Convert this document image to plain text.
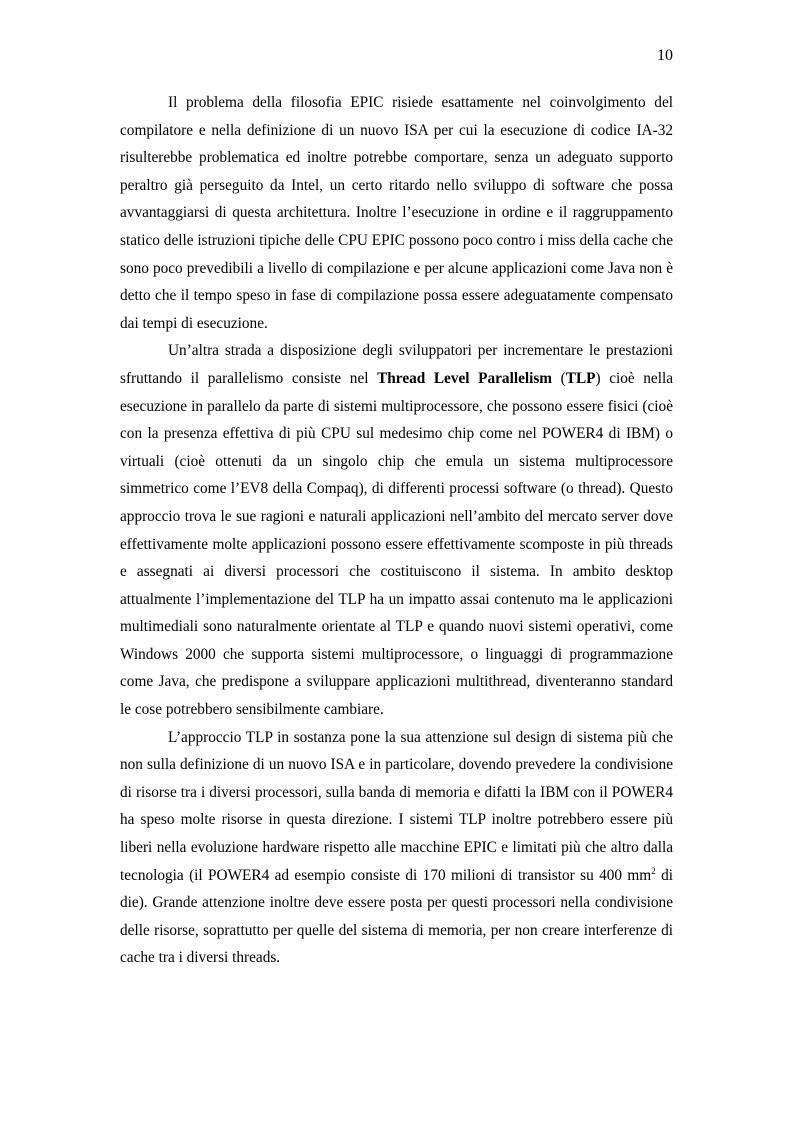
10

Il problema della filosofia EPIC risiede esattamente nel coinvolgimento del compilatore e nella definizione di un nuovo ISA per cui la esecuzione di codice IA-32 risulterebbe problematica ed inoltre potrebbe comportare, senza un adeguato supporto peraltro già perseguito da Intel, un certo ritardo nello sviluppo di software che possa avvantaggiarsi di questa architettura. Inoltre l’esecuzione in ordine e il raggruppamento statico delle istruzioni tipiche delle CPU EPIC possono poco contro i miss della cache che sono poco prevedibili a livello di compilazione e per alcune applicazioni come Java non è detto che il tempo speso in fase di compilazione possa essere adeguatamente compensato dai tempi di esecuzione.

Un’altra strada a disposizione degli sviluppatori per incrementare le prestazioni sfruttando il parallelismo consiste nel Thread Level Parallelism (TLP) cioè nella esecuzione in parallelo da parte di sistemi multiprocessore, che possono essere fisici (cioè con la presenza effettiva di più CPU sul medesimo chip come nel POWER4 di IBM) o virtuali (cioè ottenuti da un singolo chip che emula un sistema multiprocessore simmetrico come l’EV8 della Compaq), di differenti processi software (o thread). Questo approccio trova le sue ragioni e naturali applicazioni nell’ambito del mercato server dove effettivamente molte applicazioni possono essere effettivamente scomposte in più threads e assegnati ai diversi processori che costituiscono il sistema. In ambito desktop attualmente l’implementazione del TLP ha un impatto assai contenuto ma le applicazioni multimediali sono naturalmente orientate al TLP e quando nuovi sistemi operativi, come Windows 2000 che supporta sistemi multiprocessore, o linguaggi di programmazione come Java, che predispone a sviluppare applicazioni multithread, diventeranno standard le cose potrebbero sensibilmente cambiare.

L’approccio TLP in sostanza pone la sua attenzione sul design di sistema più che non sulla definizione di un nuovo ISA e in particolare, dovendo prevedere la condivisione di risorse tra i diversi processori, sulla banda di memoria e difatti la IBM con il POWER4 ha speso molte risorse in questa direzione. I sistemi TLP inoltre potrebbero essere più liberi nella evoluzione hardware rispetto alle macchine EPIC e limitati più che altro dalla tecnologia (il POWER4 ad esempio consiste di 170 milioni di transistor su 400 $mm^2$ di die). Grande attenzione inoltre deve essere posta per questi processori nella condivisione delle risorse, soprattutto per quelle del sistema di memoria, per non creare interferenze di cache tra i diversi threads.
